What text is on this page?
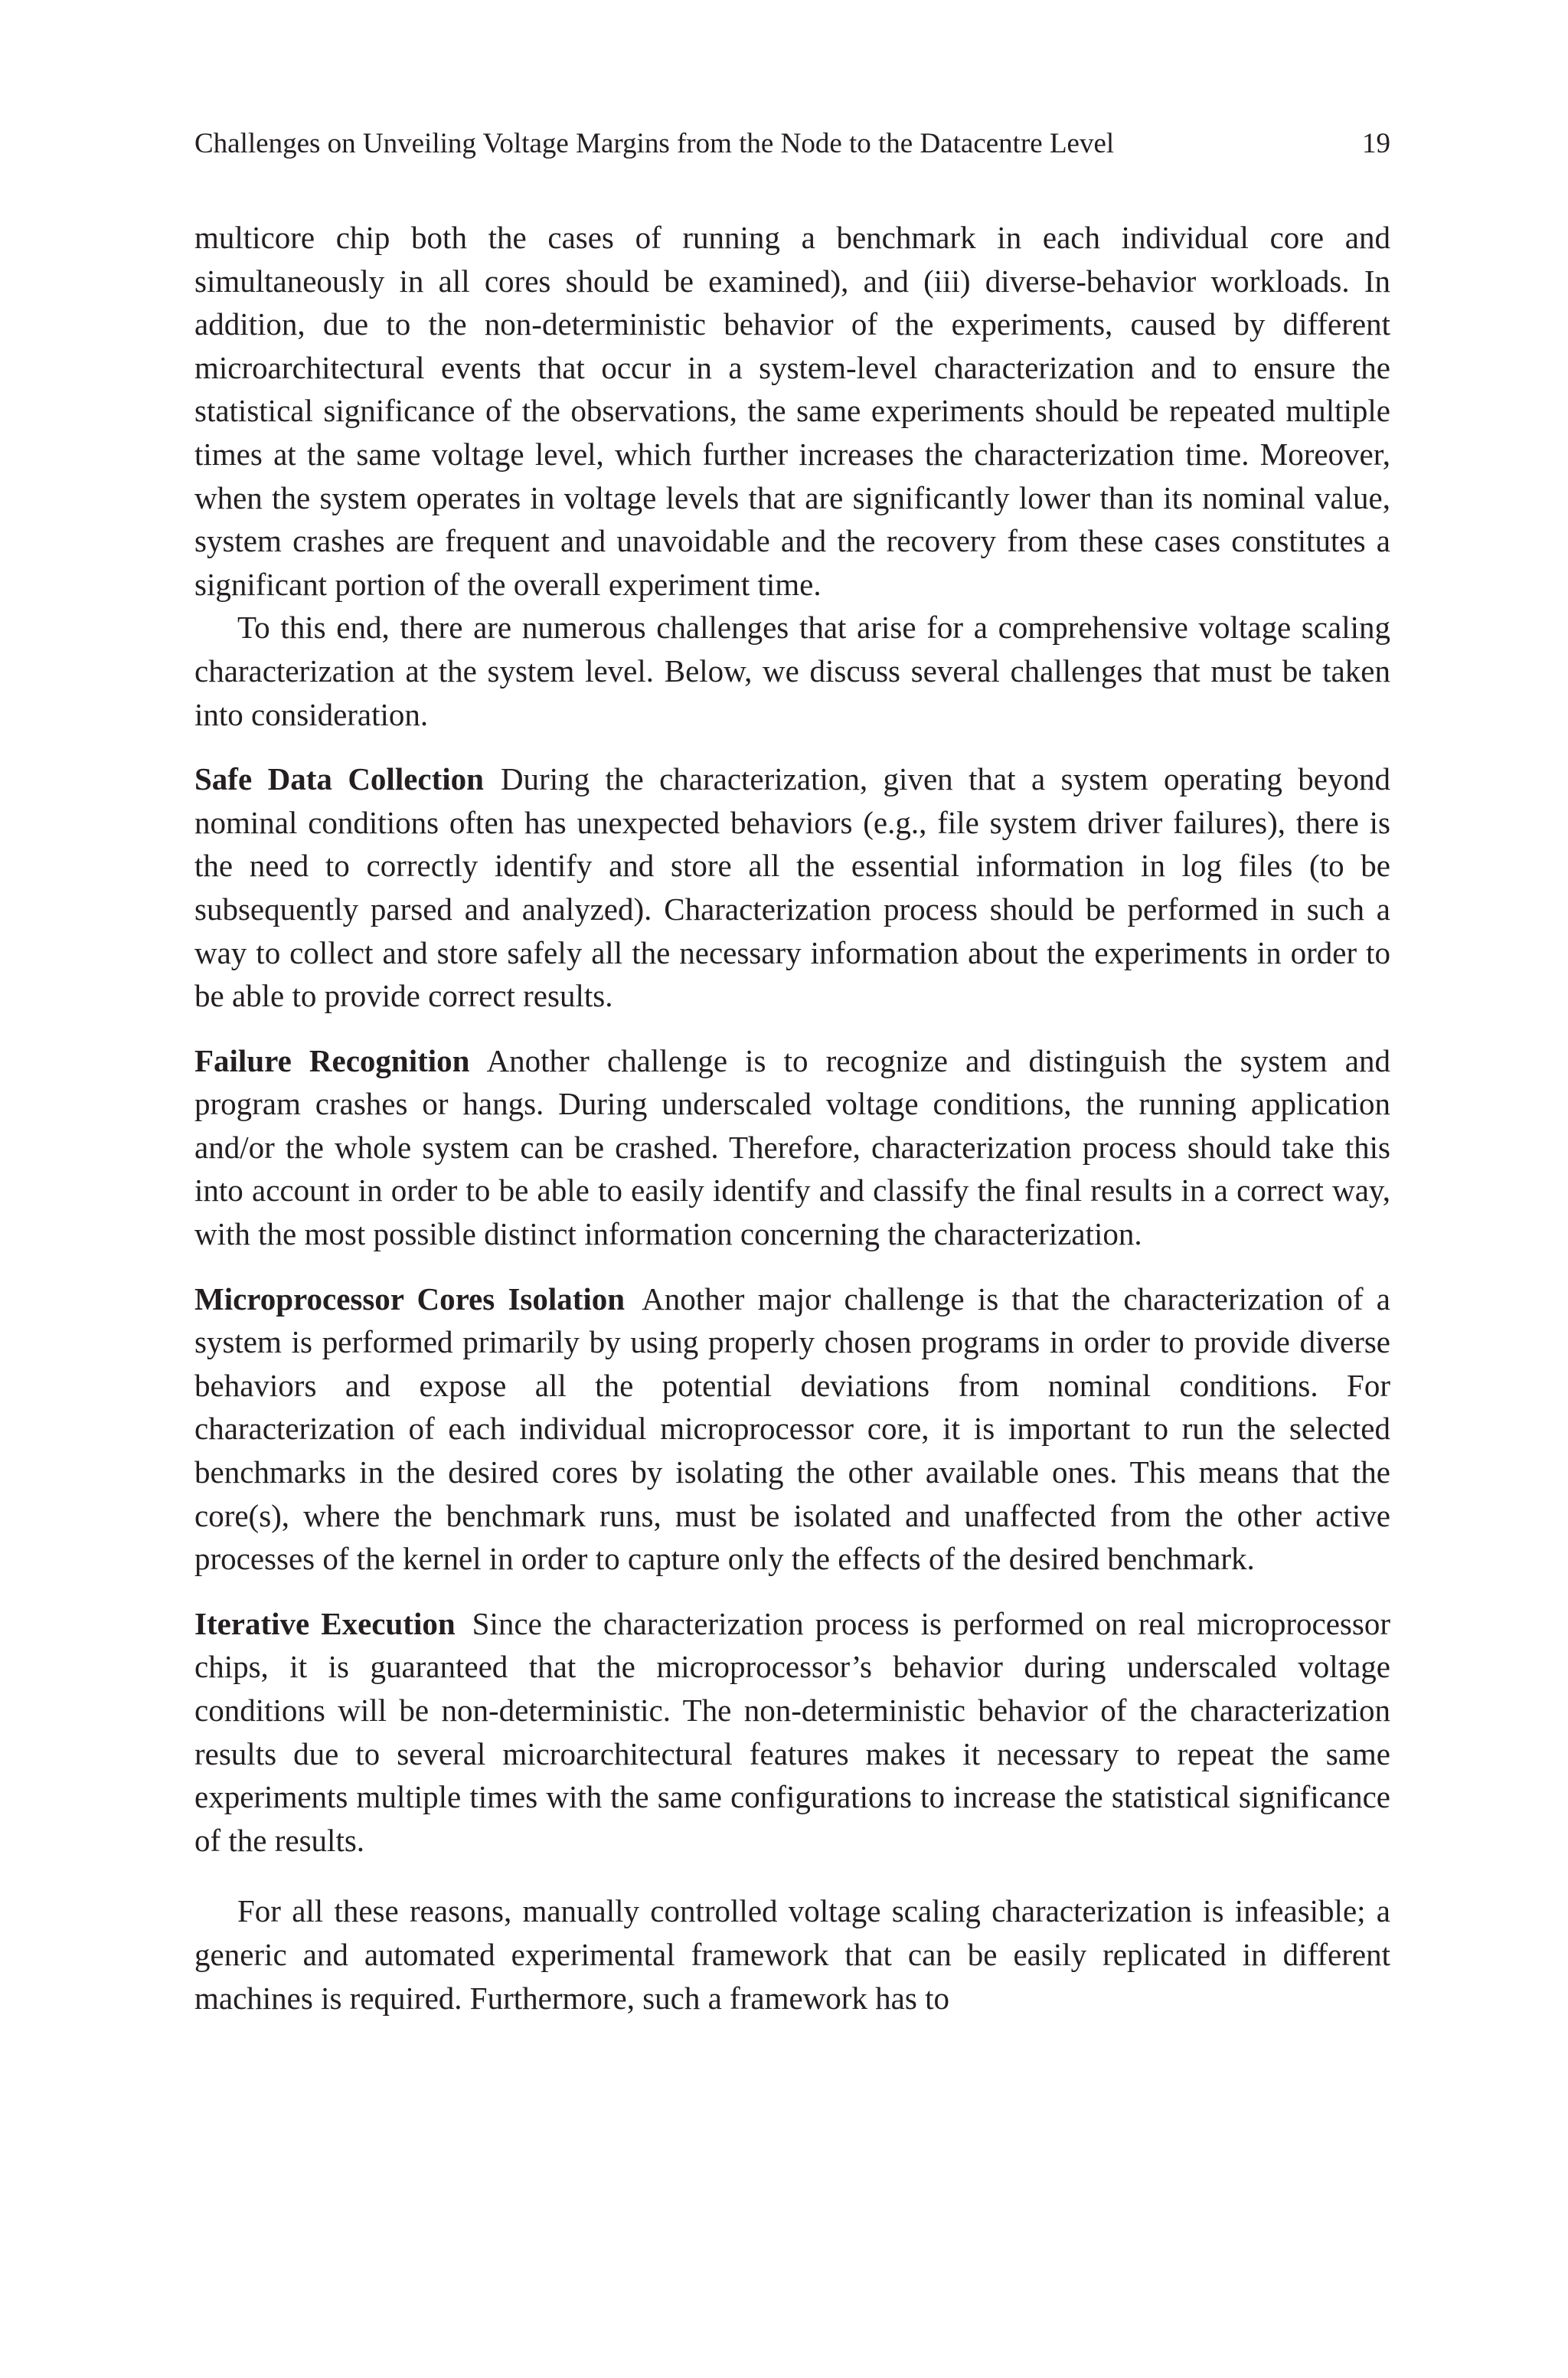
Challenges on Unveiling Voltage Margins from the Node to the Datacentre Level	19

multicore chip both the cases of running a benchmark in each individual core and simultaneously in all cores should be examined), and (iii) diverse-behavior workloads. In addition, due to the non-deterministic behavior of the experiments, caused by different microarchitectural events that occur in a system-level characterization and to ensure the statistical significance of the observations, the same experiments should be repeated multiple times at the same voltage level, which further increases the characterization time. Moreover, when the system operates in voltage levels that are significantly lower than its nominal value, system crashes are frequent and unavoidable and the recovery from these cases constitutes a significant portion of the overall experiment time.

To this end, there are numerous challenges that arise for a comprehensive voltage scaling characterization at the system level. Below, we discuss several challenges that must be taken into consideration.

Safe Data Collection During the characterization, given that a system operating beyond nominal conditions often has unexpected behaviors (e.g., file system driver failures), there is the need to correctly identify and store all the essential information in log files (to be subsequently parsed and analyzed). Characterization process should be performed in such a way to collect and store safely all the necessary information about the experiments in order to be able to provide correct results.

Failure Recognition Another challenge is to recognize and distinguish the system and program crashes or hangs. During underscaled voltage conditions, the running application and/or the whole system can be crashed. Therefore, characterization process should take this into account in order to be able to easily identify and classify the final results in a correct way, with the most possible distinct information concerning the characterization.

Microprocessor Cores Isolation Another major challenge is that the characterization of a system is performed primarily by using properly chosen programs in order to provide diverse behaviors and expose all the potential deviations from nominal conditions. For characterization of each individual microprocessor core, it is important to run the selected benchmarks in the desired cores by isolating the other available ones. This means that the core(s), where the benchmark runs, must be isolated and unaffected from the other active processes of the kernel in order to capture only the effects of the desired benchmark.

Iterative Execution Since the characterization process is performed on real microprocessor chips, it is guaranteed that the microprocessor’s behavior during underscaled voltage conditions will be non-deterministic. The non-deterministic behavior of the characterization results due to several microarchitectural features makes it necessary to repeat the same experiments multiple times with the same configurations to increase the statistical significance of the results.

For all these reasons, manually controlled voltage scaling characterization is infeasible; a generic and automated experimental framework that can be easily replicated in different machines is required. Furthermore, such a framework has to
